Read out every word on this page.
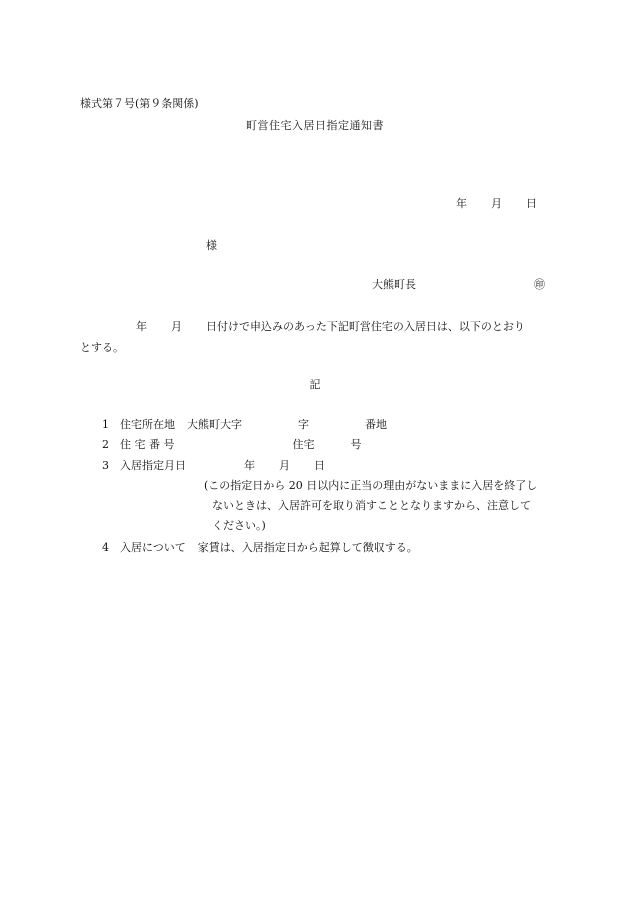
様式第７号(第９条関係)
町営住宅入居日指定通知書
年 月 日
様
大熊町長	㊞
年 月 日付けで申込みのあった下記町営住宅の入居日は、以下のとおり
とする。
記
1 住宅所在地 大熊町大字	字	番地
2 住 宅 番 号	住宅	号
3 入居指定月日	年 月 日
(この指定日から 20 日以内に正当の理由がないままに入居を終了し
ないときは、入居許可を取り消すこととなりますから、注意して
ください。)
4 入居について 家賃は、入居指定日から起算して徴収する。
